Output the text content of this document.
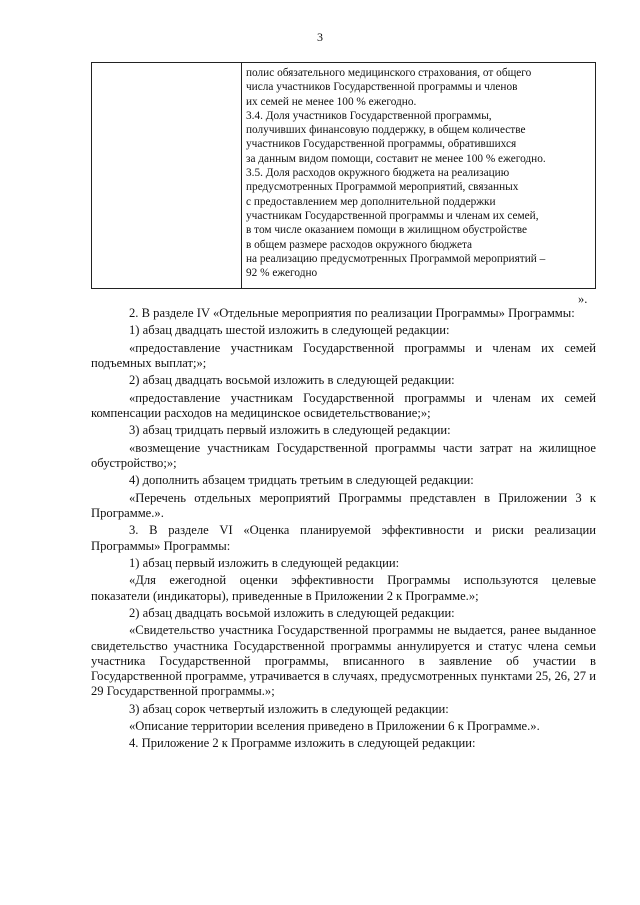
3
полис обязательного медицинского страхования, от общего
числа участников Государственной программы и членов
их семей не менее 100 % ежегодно.
3.4. Доля участников Государственной программы,
получивших финансовую поддержку, в общем количестве
участников Государственной программы, обратившихся
за данным видом помощи, составит не менее 100 % ежегодно.
3.5. Доля расходов окружного бюджета на реализацию
предусмотренных Программой мероприятий, связанных
с предоставлением мер дополнительной поддержки
участникам Государственной программы и членам их семей,
в том числе оказанием помощи в жилищном обустройстве
в общем размере расходов окружного бюджета
на реализацию предусмотренных Программой мероприятий –
92 % ежегодно
».

2. В разделе IV «Отдельные мероприятия по реализации Программы» Программы:

1) абзац двадцать шестой изложить в следующей редакции:

«предоставление участникам Государственной программы и членам их семей подъемных выплат;»;

2) абзац двадцать восьмой изложить в следующей редакции:

«предоставление участникам Государственной программы и членам их семей компенсации расходов на медицинское освидетельствование;»;

3) абзац тридцать первый изложить в следующей редакции:

«возмещение участникам Государственной программы части затрат на жилищное обустройство;»;

4) дополнить абзацем тридцать третьим в следующей редакции:

«Перечень отдельных мероприятий Программы представлен в Приложении 3 к Программе.».

3. В разделе VI «Оценка планируемой эффективности и риски реализации Программы» Программы:

1) абзац первый изложить в следующей редакции:

«Для ежегодной оценки эффективности Программы используются целевые показатели (индикаторы), приведенные в Приложении 2 к Программе.»;

2) абзац двадцать восьмой изложить в следующей редакции:

«Свидетельство участника Государственной программы не выдается, ранее выданное свидетельство участника Государственной программы аннулируется и статус члена семьи участника Государственной программы, вписанного в заявление об участии в Государственной программе, утрачивается в случаях, предусмотренных пунктами 25, 26, 27 и 29 Государственной программы.»;

3) абзац сорок четвертый изложить в следующей редакции:

«Описание территории вселения приведено в Приложении 6 к Программе.».

4. Приложение 2 к Программе изложить в следующей редакции:
